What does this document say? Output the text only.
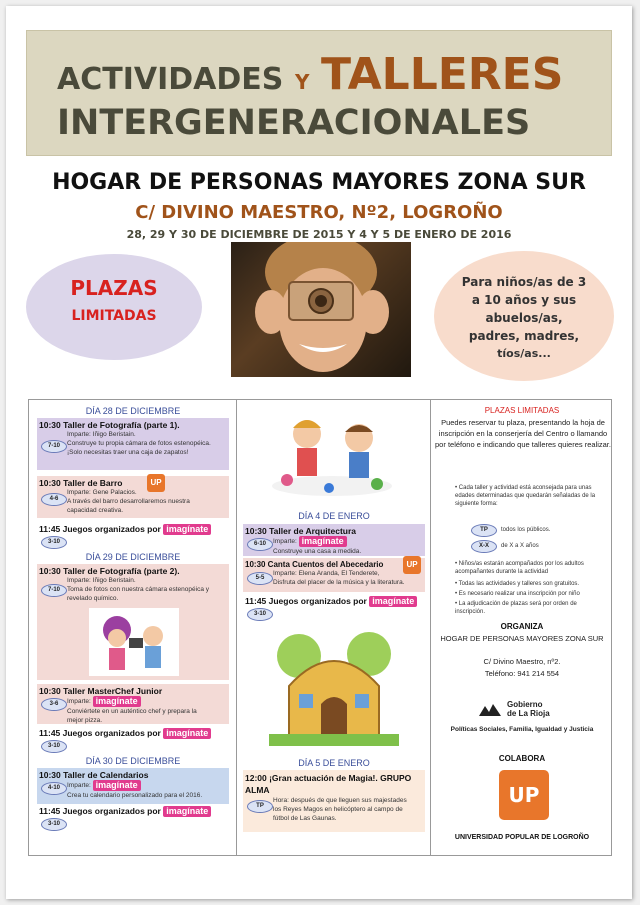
ACTIVIDADES Y TALLERES
INTERGENERACIONALES
HOGAR DE PERSONAS MAYORES ZONA SUR
C/ DIVINO MAESTRO, Nº2, LOGROÑO
28, 29 Y 30 DE DICIEMBRE DE 2015 Y 4 Y 5 DE ENERO DE 2016
PLAZAS
LIMITADAS
Para niños/as de 3
a 10 años y sus
abuelos/as,
padres, madres,
tíos/as...
DÍA 28 DE DICIEMBRE
10:30 Taller de Fotografía (parte 1).
Imparte: Iñigo Beristain.
Construye tu propia cámara de fotos estenopéica.
¡Solo necesitas traer una caja de zapatos!
7-10
10:30 Taller de Barro
Imparte: Gene Palacios.
A través del barro desarrollaremos nuestra
capacidad creativa.
4-6
UP
11:45 Juegos organizados por imagínate
3-10
DÍA 29 DE DICIEMBRE
10:30 Taller de Fotografía (parte 2).
Imparte: Iñigo Beristain.
Toma de fotos con nuestra cámara estenopéica y
revelado químico.
7-10
10:30 Taller MasterChef Junior
Imparte: imagínate
Conviértete en un auténtico chef y prepara la
mejor pizza.
3-6
11:45 Juegos organizados por imagínate
3-10
DÍA 30 DE DICIEMBRE
10:30 Taller de Calendarios
Imparte: imagínate
Crea tu calendario personalizado para el 2016.
4-10
11:45 Juegos organizados por imagínate
3-10
DÍA 4 DE ENERO
10:30 Taller de Arquitectura
Imparte: imagínate
Construye una casa a medida.
6-10
10:30 Canta Cuentos del Abecedario
Imparte: Elena Aranda, El Tenderete,
Disfruta del placer de la música y la literatura.
5-5
UP
11:45 Juegos organizados por imagínate
3-10
DÍA 5 DE ENERO
12:00 ¡Gran actuación de Magia!. GRUPO ALMA
Hora: después de que lleguen sus majestades
los Reyes Magos en helicóptero al campo de
fútbol de Las Gaunas.
TP
PLAZAS LIMITADAS
Puedes reservar tu plaza, presentando la hoja de inscripción en la conserjería del Centro o llamando por teléfono e indicando que talleres quieres realizar.
• Cada taller y actividad está aconsejada para unas edades determinadas que quedarán señaladas de la siguiente forma:
TP	todos los públicos.
X-X	de X a X años
• Niños/as estarán acompañados por los adultos acompañantes durante la actividad
• Todas las actividades y talleres son gratuitos.
• Es necesario realizar una inscripción por niño
• La adjudicación de plazas será por orden de inscripción.
ORGANIZA
HOGAR DE PERSONAS MAYORES ZONA SUR
C/ Divino Maestro, nº2.
Teléfono: 941 214 554
Gobierno
de La Rioja
Políticas Sociales, Familia, Igualdad y Justicia
COLABORA
UP
UNIVERSIDAD POPULAR DE LOGROÑO
